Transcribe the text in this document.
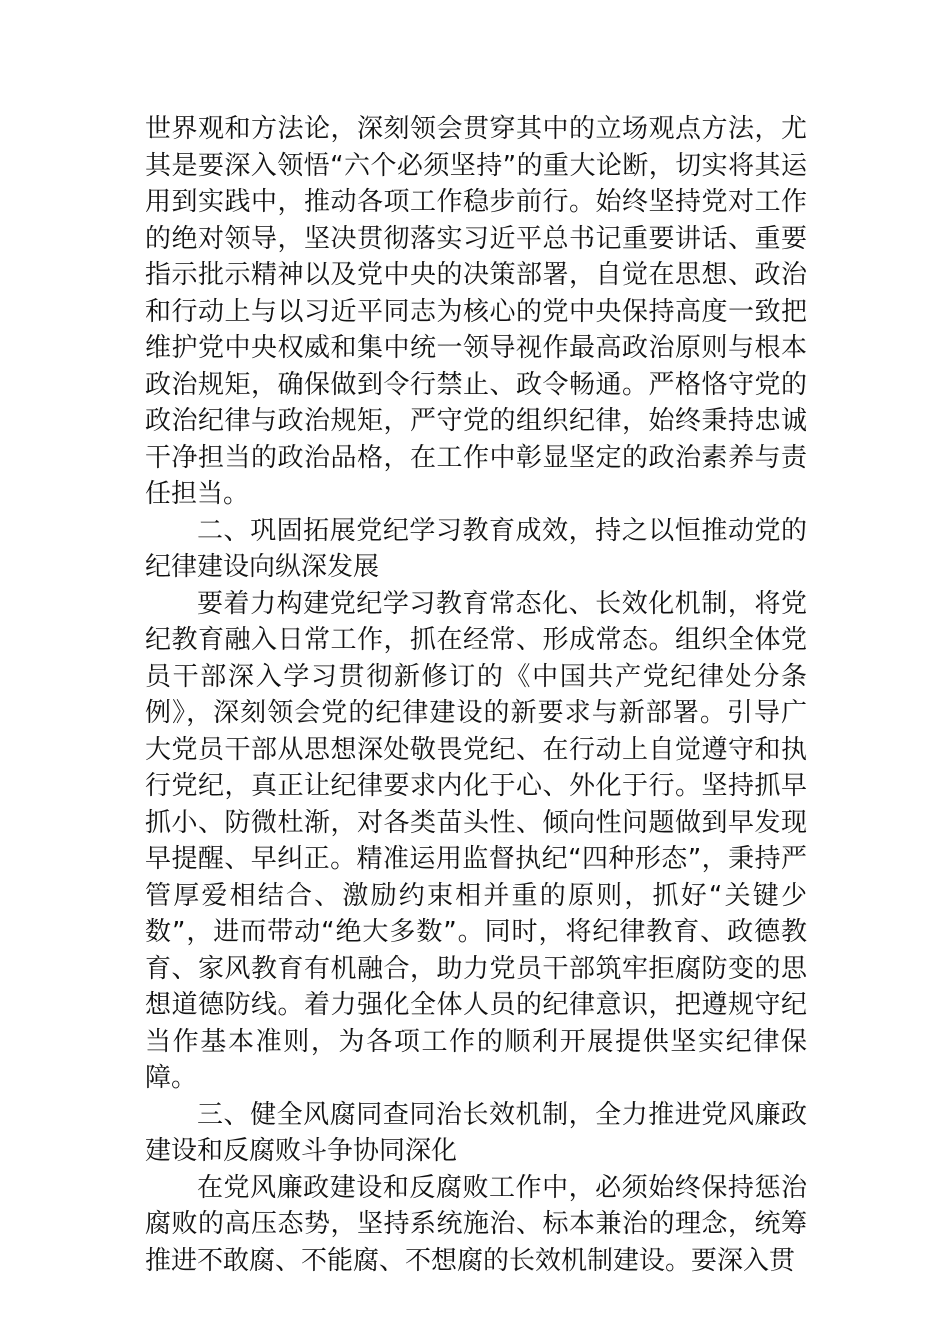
世界观和方法论，深刻领会贯穿其中的立场观点方法，尤其是要深入领悟“六个必须坚持”的重大论断，切实将其运用到实践中，推动各项工作稳步前行。始终坚持党对工作的绝对领导，坚决贯彻落实习近平总书记重要讲话、重要指示批示精神以及党中央的决策部署，自觉在思想、政治和行动上与以习近平同志为核心的党中央保持高度一致把维护党中央权威和集中统一领导视作最高政治原则与根本政治规矩，确保做到令行禁止、政令畅通。严格恪守党的政治纪律与政治规矩，严守党的组织纪律，始终秉持忠诚干净担当的政治品格，在工作中彰显坚定的政治素养与责任担当。

二、巩固拓展党纪学习教育成效，持之以恒推动党的纪律建设向纵深发展

要着力构建党纪学习教育常态化、长效化机制，将党纪教育融入日常工作，抓在经常、形成常态。组织全体党员干部深入学习贯彻新修订的《中国共产党纪律处分条例》，深刻领会党的纪律建设的新要求与新部署。引导广大党员干部从思想深处敬畏党纪、在行动上自觉遵守和执行党纪，真正让纪律要求内化于心、外化于行。坚持抓早抓小、防微杜渐，对各类苗头性、倾向性问题做到早发现早提醒、早纠正。精准运用监督执纪“四种形态”，秉持严管厚爱相结合、激励约束相并重的原则，抓好“关键少数”，进而带动“绝大多数”。同时，将纪律教育、政德教育、家风教育有机融合，助力党员干部筑牢拒腐防变的思想道德防线。着力强化全体人员的纪律意识，把遵规守纪当作基本准则，为各项工作的顺利开展提供坚实纪律保障。

三、健全风腐同查同治长效机制，全力推进党风廉政建设和反腐败斗争协同深化

在党风廉政建设和反腐败工作中，必须始终保持惩治腐败的高压态势，坚持系统施治、标本兼治的理念，统筹推进不敢腐、不能腐、不想腐的长效机制建设。要深入贯
